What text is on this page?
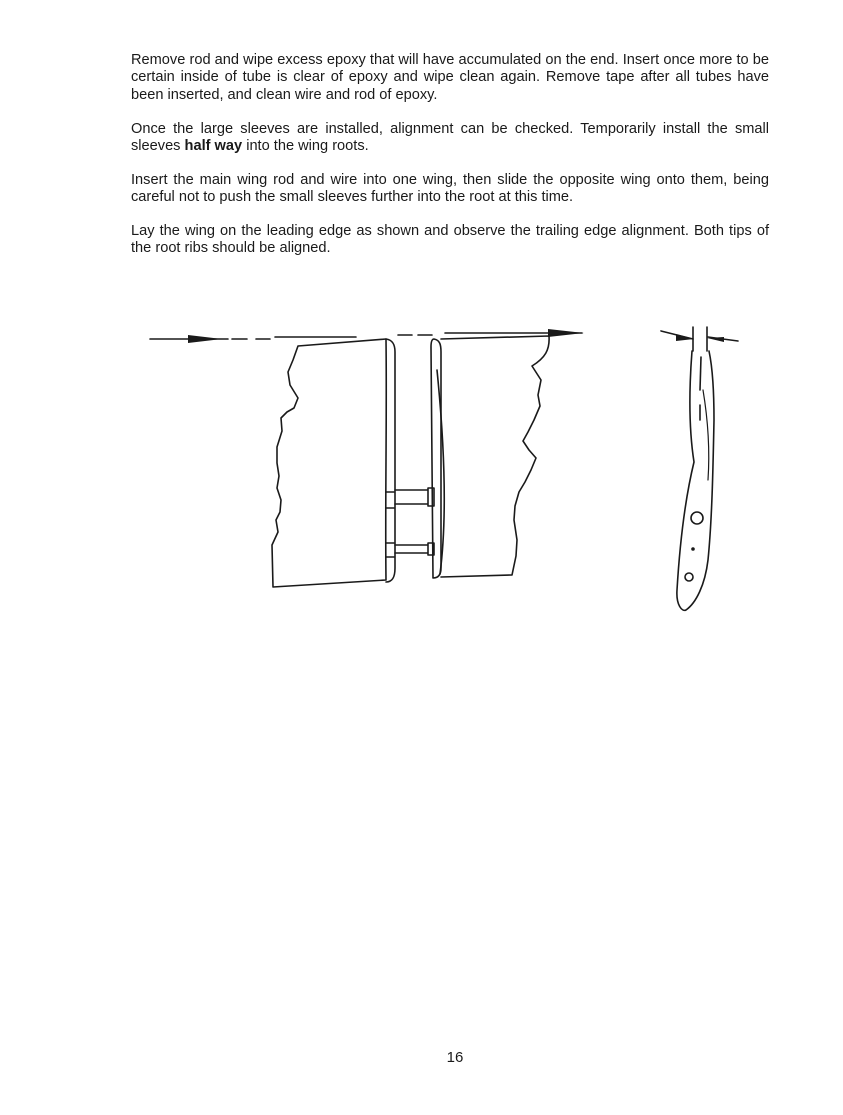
Remove rod and wipe excess epoxy that will have accumulated on the end. Insert once more to be certain inside of tube is clear of epoxy and wipe clean again. Remove tape after all tubes have been inserted, and clean wire and rod of epoxy.

Once the large sleeves are installed, alignment can be checked. Temporarily install the small sleeves half way into the wing roots.

Insert the main wing rod and wire into one wing, then slide the opposite wing onto them, being careful not to push the small sleeves further into the root at this time.

Lay the wing on the leading edge as shown and observe the trailing edge alignment. Both tips of the root ribs should be aligned.

16
